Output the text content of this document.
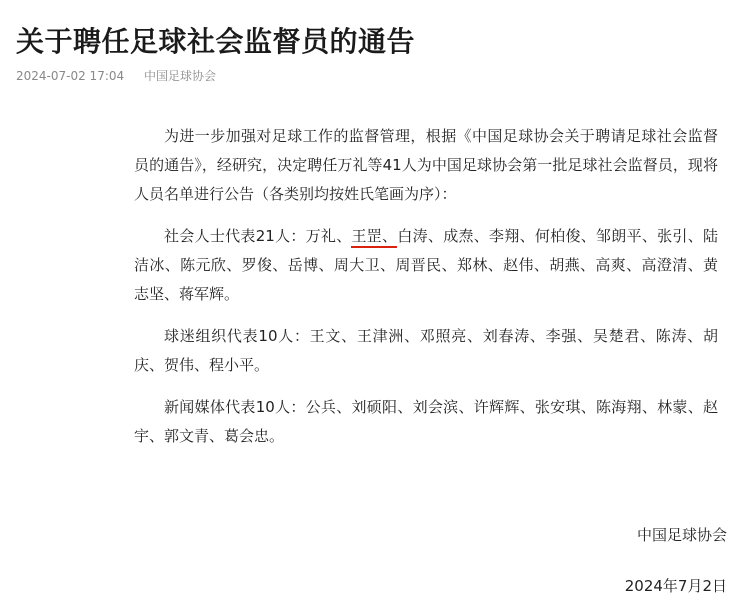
关于聘任足球社会监督员的通告
2024-07-02 17:04 中国足球协会

为进一步加强对足球工作的监督管理，根据《中国足球协会关于聘请足球社会监督员的通告》，经研究，决定聘任万礼等41人为中国足球协会第一批足球社会监督员，现将人员名单进行公告（各类别均按姓氏笔画为序）：

社会人士代表21人：万礼、王罡、白涛、成焘、李翔、何柏俊、邹朗平、张引、陆洁冰、陈元欣、罗俊、岳博、周大卫、周晋民、郑林、赵伟、胡燕、高爽、高澄清、黄志坚、蒋军辉。

球迷组织代表10人：王文、王津洲、邓照亮、刘春涛、李强、吴楚君、陈涛、胡庆、贺伟、程小平。

新闻媒体代表10人：公兵、刘硕阳、刘会滨、许辉辉、张安琪、陈海翔、林蒙、赵宇、郭文青、葛会忠。

中国足球协会
2024年7月2日
